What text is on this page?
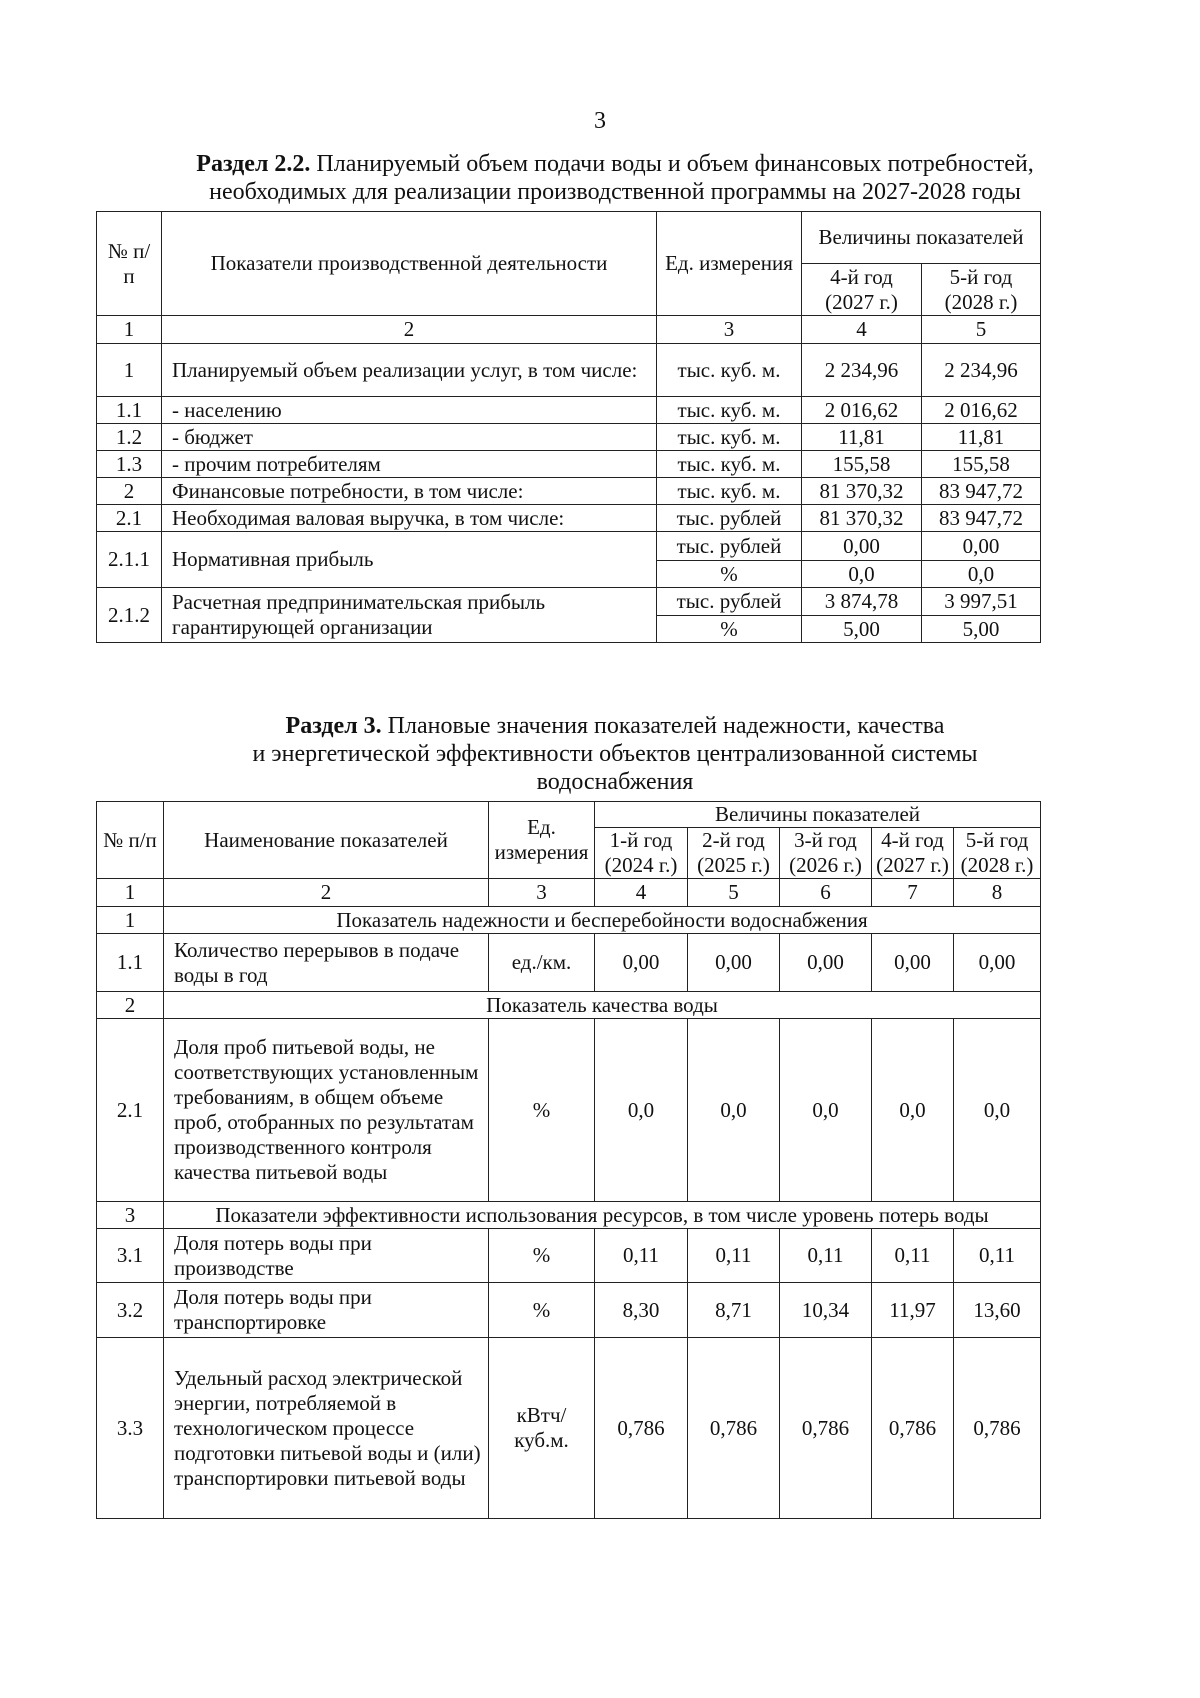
3
Раздел 2.2. Планируемый объем подачи воды и объем финансовых потребностей,
необходимых для реализации производственной программы на 2027-2028 годы
№ п/п	Показатели производственной деятельности	Ед. измерения	Величины показателей	
			4-й год (2027 г.)	5-й год (2028 г.)
1	2	3	4	5
1	Планируемый объем реализации услуг, в том числе:	тыс. куб. м.	2 234,96	2 234,96
1.1	- населению	тыс. куб. м.	2 016,62	2 016,62
1.2	- бюджет	тыс. куб. м.	11,81	11,81
1.3	- прочим потребителям	тыс. куб. м.	155,58	155,58
2	Финансовые потребности, в том числе:	тыс. куб. м.	81 370,32	83 947,72
2.1	Необходимая валовая выручка, в том числе:	тыс. рублей	81 370,32	83 947,72
2.1.1	Нормативная прибыль	тыс. рублей	0,00	0,00
		%	0,0	0,0
2.1.2	Расчетная предпринимательская прибыль гарантирующей организации	тыс. рублей	3 874,78	3 997,51
		%	5,00	5,00
Раздел 3. Плановые значения показателей надежности, качества
и энергетической эффективности объектов централизованной системы
водоснабжения
№ п/п	Наименование показателей	Ед. измерения	Величины показателей				
			1-й год (2024 г.)	2-й год (2025 г.)	3-й год (2026 г.)	4-й год (2027 г.)	5-й год (2028 г.)

1	2	3	4	5	6	7	8
1	Показатель надежности и бесперебойности водоснабжения						
1.1	Количество перерывов в подаче воды в год	ед./км.	0,00	0,00	0,00	0,00	0,00
2	Показатель качества воды						
2.1	Доля проб питьевой воды, не соответствующих установленным требованиям, в общем объеме проб, отобранных по результатам производственного контроля качества питьевой воды	%	0,0	0,0	0,0	0,0	0,0
3	Показатели эффективности использования ресурсов, в том числе уровень потерь воды						
3.1	Доля потерь воды при производстве	%	0,11	0,11	0,11	0,11	0,11
3.2	Доля потерь воды при транспортировке	%	8,30	8,71	10,34	11,97	13,60
3.3	Удельный расход электрической энергии, потребляемой в технологическом процессе подготовки питьевой воды и (или) транспортировки питьевой воды	кВтч/куб.м.	0,786	0,786	0,786	0,786	0,786
